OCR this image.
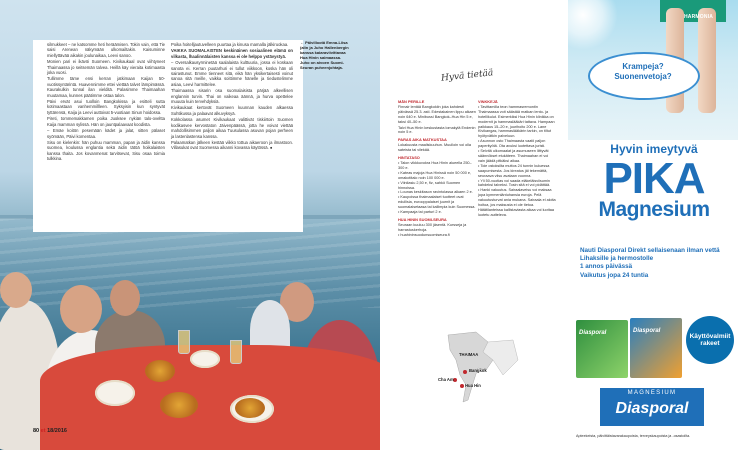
silmukkeet – ne katsomme heti heräämisen. Tokin vain, että Tie saisi Arenean näkymään ulkomailtakin. Kaisuminne miellyttävää aikakin joulunaikaa, Leevi sanoo.

Monien pari ei ikävöi Suomeen. Kivikaukaal ovat viihtyneet Thaimaassa jo seitsemän talvea. Heillä käy vieraita kotimaasta joka vuosi.

Tullimme täme ensi kerran jatkimaan Kaijan 50-vuotissyntärintä. Huavennimme ettei viettää talvet lämpimässä. Kaurakulkin tunnal ilan vielditä. Palasimme Thaimaahan muutamaa, kunnes päätimme ostaa talon.

Päivi ervät asui tuolloin Bangkokissa ja esitteli sutta kotimaastaan vanhemmillleen. Syksyisin kun syntyvät tyttärensä, Kaija ja Leevi auttoivat 5-vuotiaan Sinun hoidossa.

Pireti, tommemakkamen poika Juoksee nykiän talo-oveltta Kaija mamman sylissä. Hän on jauntpalaavaat koodista.

– Emäe koitön pesemään kädet ja jalat, sitten pälaset syömään, Päivi komentaa.

Sisu on kielenkin: hän puhuu mamman, papan ja äidin kanssa suomea, koulussa englantia sekä äidin tätöä hoikalaisten kanssa thaita. Jos kovanmenat tarvitsevat, Sisu osaa toimia tulkkina.

Poika hoitelljautuvelleen puurtaa ja kinusa mamalla jälkiruokaa.

VAIKKA SUOMALAISTEN keskinäinen sosiaalinen elämä on vilkasta, lhaalinnälaisten kanssa ei ole helppo ystävystyä.

– Oversalkausyrminetää saalalaista kulttuuria, jossa ei koskaan sanota ei. Kerran puutarhuri ei tullut viikkoon, koska hän oli sairastunut. Emme tienneet sitä, eikä hän yksikertaisesti voinut sanoa sitä meille, vaikka soittimme hänelle ja tiedustelimme asiaa, Leevi harmittelee.

Thaimaassa sisarin osa suomalaisista pärjää alkeellisen englannin turvin. Thai on vaikeaa äännä, ja hurva opettelee muuuta kuin tervehdyksiä.

Kivikaukaat kertovät Suomeen kuunnan kauden alkaessa Suhtikussa ja palaavat alkuvyksyä.

Kokkolassa asumet Kivikaukaat valittivät tiskiirtoin Suomen kodikasvee kervostaton Jäivenpäässä, jotta he voivat viettää mahdollisimmen paljon aikaa Tuusulassa asuvan pojan perheen ja lastenlastensa kanssa.

Palaamatkan jälkeen kestää viikko tottua aikaeroon ja ilmastoon. Villasukat ovat Suomessa aikanni kovassa käytössä. ●

← Päivillootä Emna-Liisa (alin ja Juho Hallenbergin kanssa kaiaraviivittavaa Hua Hinin saimaassa. Juho on aivoen Suomi-Seuran puheenjohtaja.
80 et 18/2016
Hyvä tietää
MÄN PERILLE

Finnair lentää Bangkokiin joka kahdesti päivässä 25.3. asti. Edestakainen lippu alkaen noin 640 e. Minibussi Bangkok–Hua Hin 5 e, taksi 40–50 e.

Talvi Hua Hinin keskustasta lomakylä Endenin noin 5 e.

PARAS AIKA MATKUSTAA

Lokakuusta maaliskuuhun. Muulloin voi olla sateista tai vilekää.

HINTATASO

• Talon vikkkuvokra Hua Hinin alueella 250–300 e.
• Kateas majoja Hua Hinissä noin 50 000 e, omakotitalo noin 100 000 e.
• Viinilasiu 2,50 e, fiz, sahkö Suomen hinnoissa.
• Lounas keskitason ravintolassa alkaen 2 e.
• Kaupoissa thaimaalaiset tuotteet ovat edullisia, eurooppalaiset juurnit ja suomalaisetaasa tai kallimpia kuin Suomessa.
• Kampaaja tai parturi 2 e.

HUA HININ SUOMI-SEURA

Seuraan kuuluu 300 jäsentä. Kursseja ja harrastuskerhoja.
• huahininsuodunsuomiseura.fi

VINKKEJÄ

• Tavittamilla teon hammasremontin Thaimaassa voit säästää matkan lento- ja hotellikulut. Esimerkiksi Hua Hinin klinikka on modernit ja hammaslääkäri tattava. Hampaan paikkaus 15–20 e, juurihoito 200 e. Lane Kivikangas, hammaslääkärin tarkin, on tiltut hyötyvätkin palveluun.
• Asunnon osto Thaimaasta vaatii paljon paperityötä. Ota avuksi luotettava juristi.
• Selvitä ulkomaalat ja asumuseen liittyvät säännökset etukäteen. Thaimaahan ei voi vain jäädä pitkäksi aikaa.
• Toie ostoksilta muttos 24 tunnin kuluessa saapumisesta. Jos kireatus jäi tekemättä, seuraava viisu avataan vuonna.
• Yli 50-vuotias voi saada eläkeläisviisumin kahdeksi talveksi. Tosin sitä ei voi pidättää.
• Hanki vakuutus. Sairaalaveisu voi maksaa jopa kymmeniäntuhansia euroja. Pelä vakuutusturvat ania mukana. Sairaala ei aloita hoitoa, jos maksusta ei ole tietoa. Hätätilanteissa kallistaviasta aikaa voi luottaa luotetu autteleva.

THAIMAA
Bangkok
Cha Am
Hua Hin
HARMONIA
Krampeja? Suonenvetoja?
Hyvin imeytyvä
PIKA
Magnesium

Nauti Diasporal Direkt sellaisenaan ilman vettä

Lihaksille ja hermostolle

1 annos päivässä

Vaikutus jopa 24 tuntia

Diasporal	Diasporal
Käyttövalmiit rakeet
MAGNESIUM
Diasporal
Apteekeista, päivittäistavarakaupoista, terveyskaupoista ja -osastoilta.
